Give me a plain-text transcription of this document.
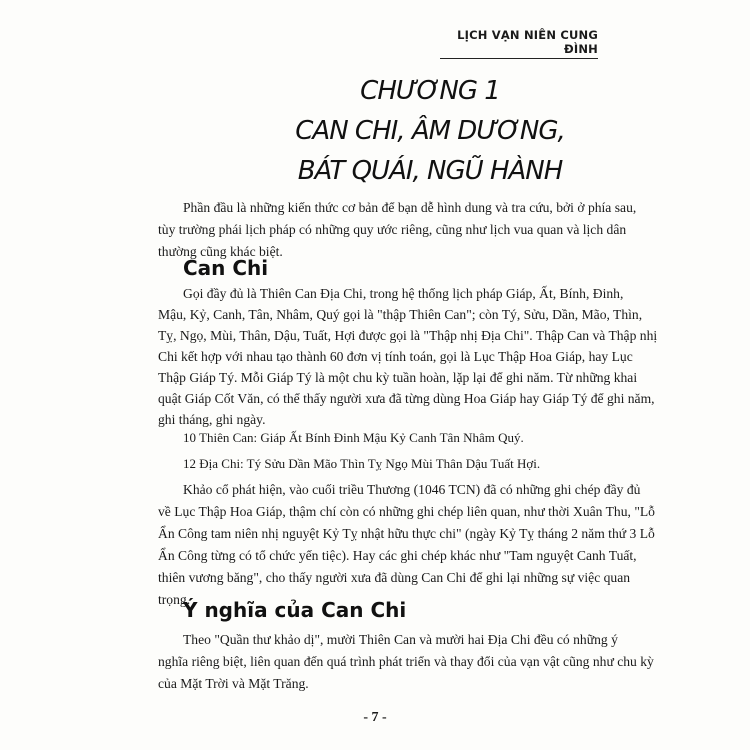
LỊCH VẠN NIÊN CUNG ĐÌNH
CHƯƠNG 1
CAN CHI, ÂM DƯƠNG,
BÁT QUÁI, NGŨ HÀNH
Phần đầu là những kiến thức cơ bản để bạn dễ hình dung và tra cứu, bởi ở phía sau,
tùy trường phái lịch pháp có những quy ước riêng, cũng như lịch vua quan và lịch dân
thường cũng khác biệt.
Can Chi
Gọi đầy đủ là Thiên Can Địa Chi, trong hệ thống lịch pháp Giáp, Ất, Bính, Đinh,
Mậu, Kỷ, Canh, Tân, Nhâm, Quý gọi là "thập Thiên Can"; còn Tý, Sửu, Dần, Mão, Thìn,
Tỵ, Ngọ, Mùi, Thân, Dậu, Tuất, Hợi được gọi là "Thập nhị Địa Chi". Thập Can và Thập nhị
Chi kết hợp với nhau tạo thành 60 đơn vị tính toán, gọi là Lục Thập Hoa Giáp, hay Lục
Thập Giáp Tý. Mỗi Giáp Tý là một chu kỳ tuần hoàn, lặp lại để ghi năm. Từ những khai
quật Giáp Cốt Văn, có thể thấy người xưa đã từng dùng Hoa Giáp hay Giáp Tý để ghi năm,
ghi tháng, ghi ngày.
10 Thiên Can: Giáp Ất Bính Đinh Mậu Kỷ Canh Tân Nhâm Quý.
12 Địa Chi: Tý Sửu Dần Mão Thìn Tỵ Ngọ Mùi Thân Dậu Tuất Hợi.
Khảo cổ phát hiện, vào cuối triều Thương (1046 TCN) đã có những ghi chép đầy đủ
về Lục Thập Hoa Giáp, thậm chí còn có những ghi chép liên quan, như thời Xuân Thu, "Lỗ
Ẩn Công tam niên nhị nguyệt Kỷ Tỵ nhật hữu thực chi" (ngày Kỷ Tỵ tháng 2 năm thứ 3 Lỗ
Ẩn Công từng có tổ chức yến tiệc). Hay các ghi chép khác như "Tam nguyệt Canh Tuất,
thiên vương băng", cho thấy người xưa đã dùng Can Chi để ghi lại những sự việc quan
trọng.
Ý nghĩa của Can Chi
Theo "Quần thư khảo dị", mười Thiên Can và mười hai Địa Chi đều có những ý
nghĩa riêng biệt, liên quan đến quá trình phát triển và thay đổi của vạn vật cũng như chu kỳ
của Mặt Trời và Mặt Trăng.
- 7 -
